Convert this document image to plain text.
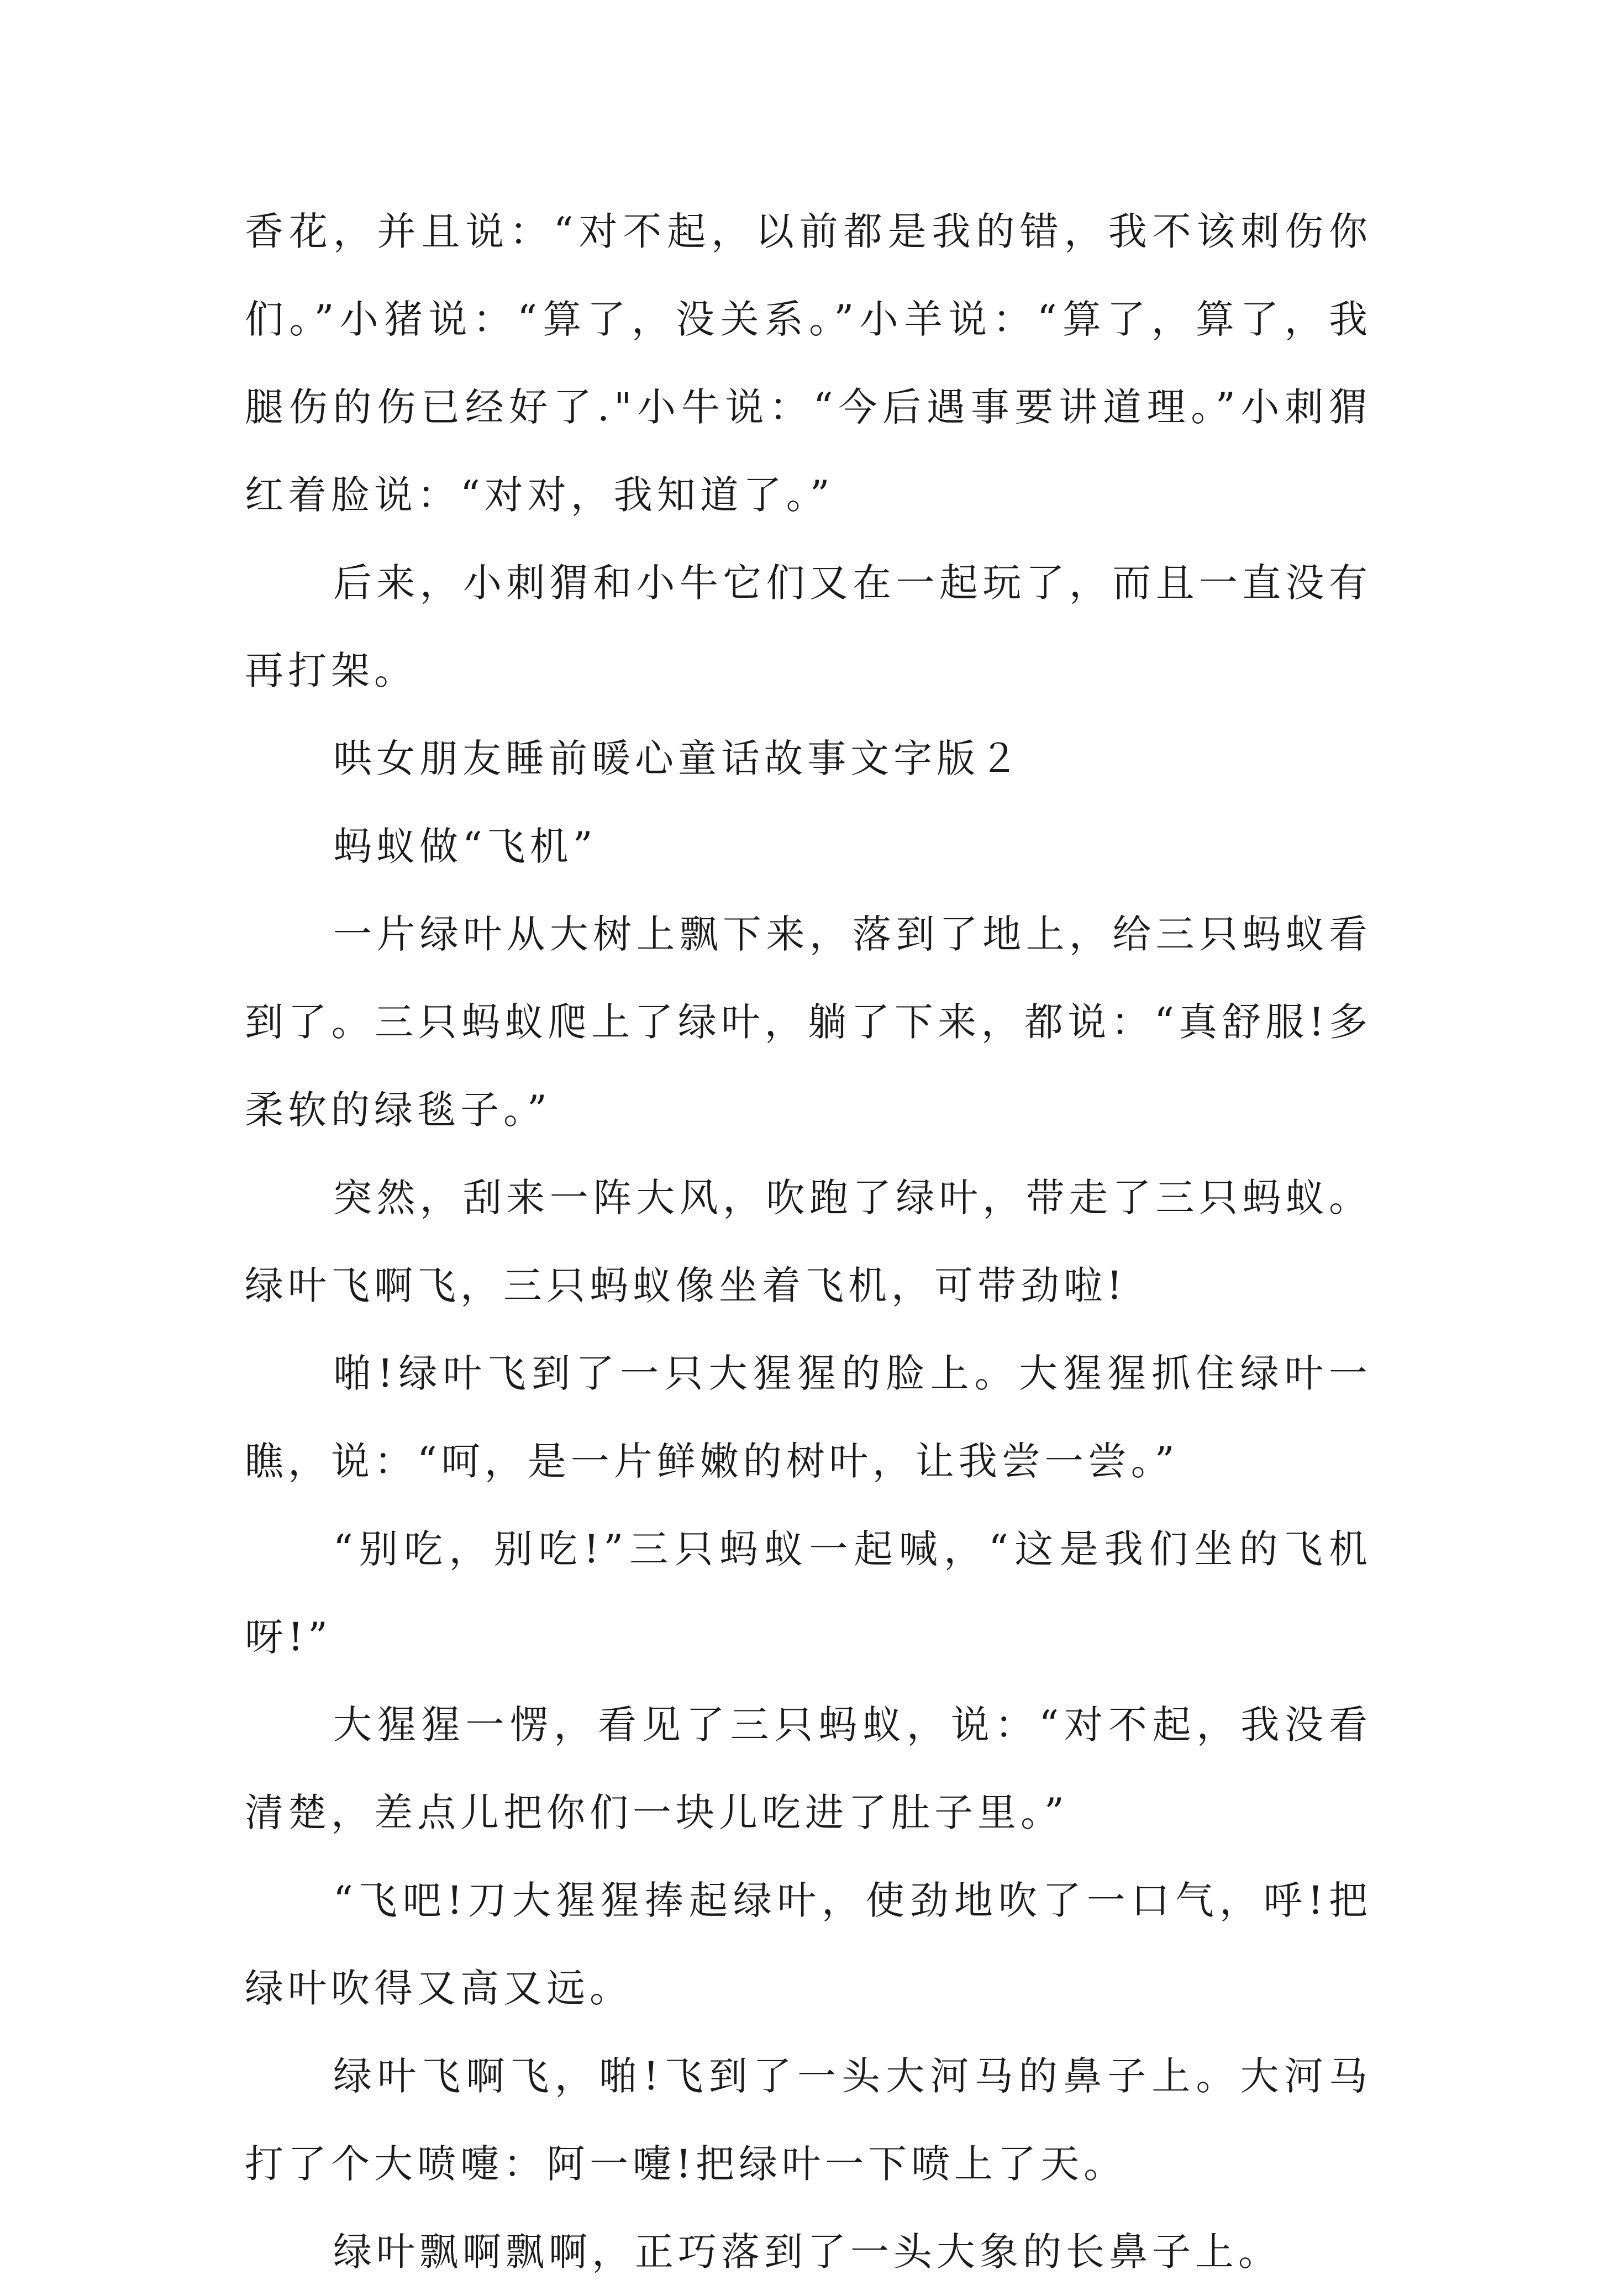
香花，并且说：“对不起，以前都是我的错，我不该刺伤你
们。”小猪说：“算了，没关系。”小羊说：“算了，算了，我
腿伤的伤已经好了."小牛说：“今后遇事要讲道理。”小刺猬
红着脸说：“对对，我知道了。”
后来，小刺猬和小牛它们又在一起玩了，而且一直没有
再打架。
哄女朋友睡前暖心童话故事文字版２
蚂蚁做“飞机”
一片绿叶从大树上飘下来，落到了地上，给三只蚂蚁看
到了。三只蚂蚁爬上了绿叶，躺了下来，都说：“真舒服!多
柔软的绿毯子。”
突然，刮来一阵大风，吹跑了绿叶，带走了三只蚂蚁。
绿叶飞啊飞，三只蚂蚁像坐着飞机，可带劲啦!
啪!绿叶飞到了一只大猩猩的脸上。大猩猩抓住绿叶一
瞧，说：“呵，是一片鲜嫩的树叶，让我尝一尝。”
“别吃，别吃!”三只蚂蚁一起喊，“这是我们坐的飞机
呀!”
大猩猩一愣，看见了三只蚂蚁，说：“对不起，我没看
清楚，差点儿把你们一块儿吃进了肚子里。”
“飞吧!刀大猩猩捧起绿叶，使劲地吹了一口气，呼!把
绿叶吹得又高又远。
绿叶飞啊飞，啪!飞到了一头大河马的鼻子上。大河马
打了个大喷嚏：阿一嚏!把绿叶一下喷上了天。
绿叶飘啊飘啊，正巧落到了一头大象的长鼻子上。
